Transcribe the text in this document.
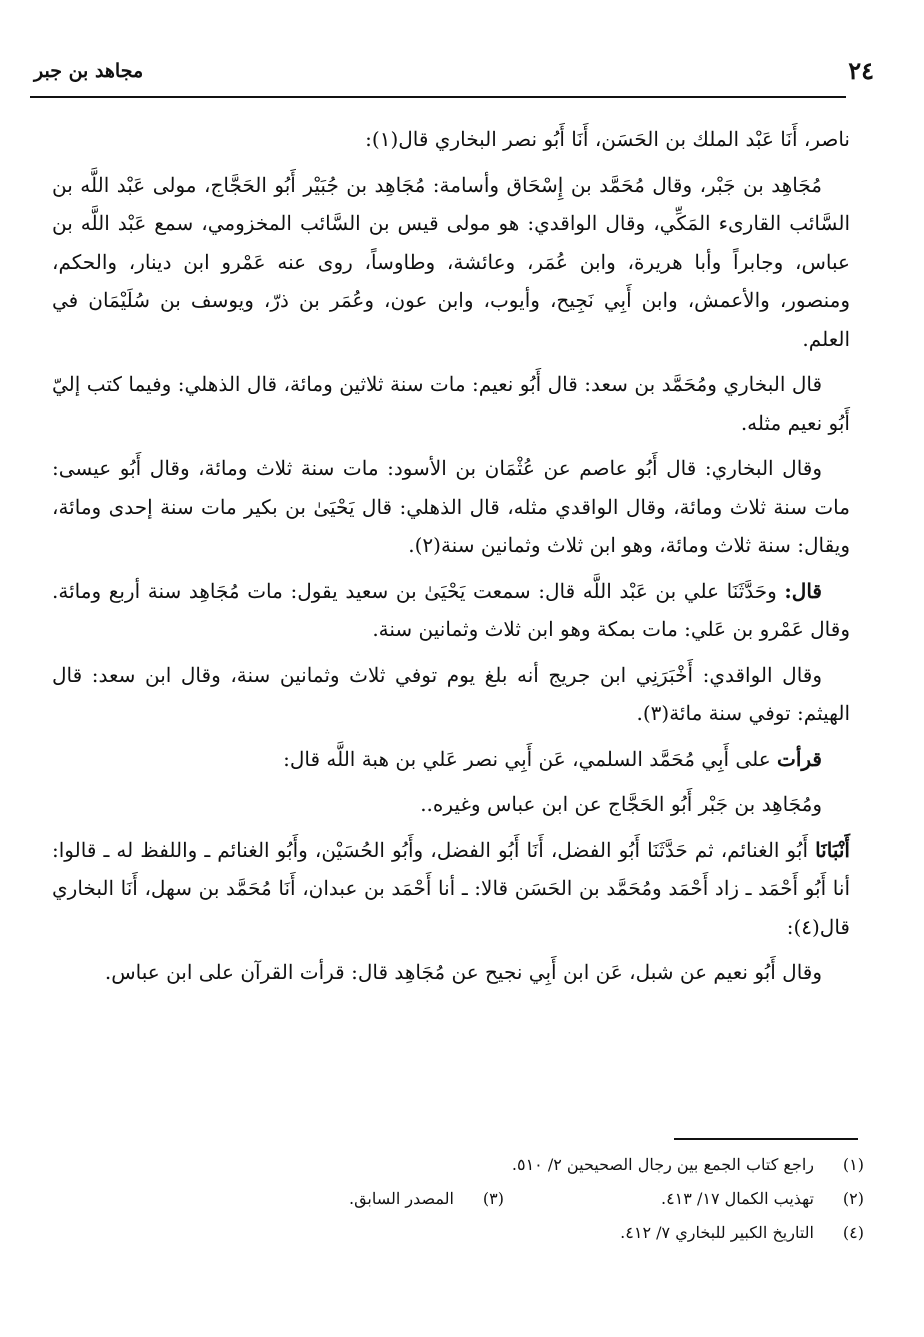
٢٤
مجاهد بن جبر

ناصر، أَنَا عَبْد الملك بن الحَسَن، أَنَا أَبُو نصر البخاري قال(١):

مُجَاهِد بن جَبْر، وقال مُحَمَّد بن إِسْحَاق وأسامة: مُجَاهِد بن جُبَيْر أَبُو الحَجَّاج، مولى عَبْد اللَّه بن السَّائب القارىء المَكِّي، وقال الواقدي: هو مولى قيس بن السَّائب المخزومي، سمع عَبْد اللَّه بن عباس، وجابراً وأبا هريرة، وابن عُمَر، وعائشة، وطاوساً، روى عنه عَمْرو ابن دينار، والحكم، ومنصور، والأعمش، وابن أَبِي نَجِيح، وأيوب، وابن عون، وعُمَر بن ذرّ، ويوسف بن سُلَيْمَان في العلم.

قال البخاري ومُحَمَّد بن سعد: قال أَبُو نعيم: مات سنة ثلاثين ومائة، قال الذهلي: وفيما كتب إليّ أَبُو نعيم مثله.

وقال البخاري: قال أَبُو عاصم عن عُثْمَان بن الأسود: مات سنة ثلاث ومائة، وقال أَبُو عيسى: مات سنة ثلاث ومائة، وقال الواقدي مثله، قال الذهلي: قال يَحْيَىٰ بن بكير مات سنة إحدى ومائة، ويقال: سنة ثلاث ومائة، وهو ابن ثلاث وثمانين سنة(٢).

قال: وحَدَّثَنَا علي بن عَبْد اللَّه قال: سمعت يَحْيَىٰ بن سعيد يقول: مات مُجَاهِد سنة أربع ومائة. وقال عَمْرو بن عَلي: مات بمكة وهو ابن ثلاث وثمانين سنة.

وقال الواقدي: أَخْبَرَنِي ابن جريج أنه بلغ يوم توفي ثلاث وثمانين سنة، وقال ابن سعد: قال الهيثم: توفي سنة مائة(٣).

قرأت على أَبِي مُحَمَّد السلمي، عَن أَبِي نصر عَلي بن هبة اللَّه قال:

ومُجَاهِد بن جَبْر أَبُو الحَجَّاج عن ابن عباس وغيره..

أَنْبَانَا أَبُو الغنائم، ثم حَدَّثَنَا أَبُو الفضل، أَنَا أَبُو الفضل، وأَبُو الحُسَيْن، وأَبُو الغنائم ـ واللفظ له ـ قالوا: أنا أَبُو أَحْمَد ـ زاد أَحْمَد ومُحَمَّد بن الحَسَن قالا: ـ أنا أَحْمَد بن عبدان، أَنَا مُحَمَّد بن سهل، أَنَا البخاري قال(٤):

وقال أَبُو نعيم عن شبل، عَن ابن أَبِي نجيح عن مُجَاهِد قال: قرأت القرآن على ابن عباس.

(١)
راجع كتاب الجمع بين رجال الصحيحين ٢/ ٥١٠.
(٢)
تهذيب الكمال ١٧/ ٤١٣.
(٣)
المصدر السابق.
(٤)
التاريخ الكبير للبخاري ٧/ ٤١٢.
